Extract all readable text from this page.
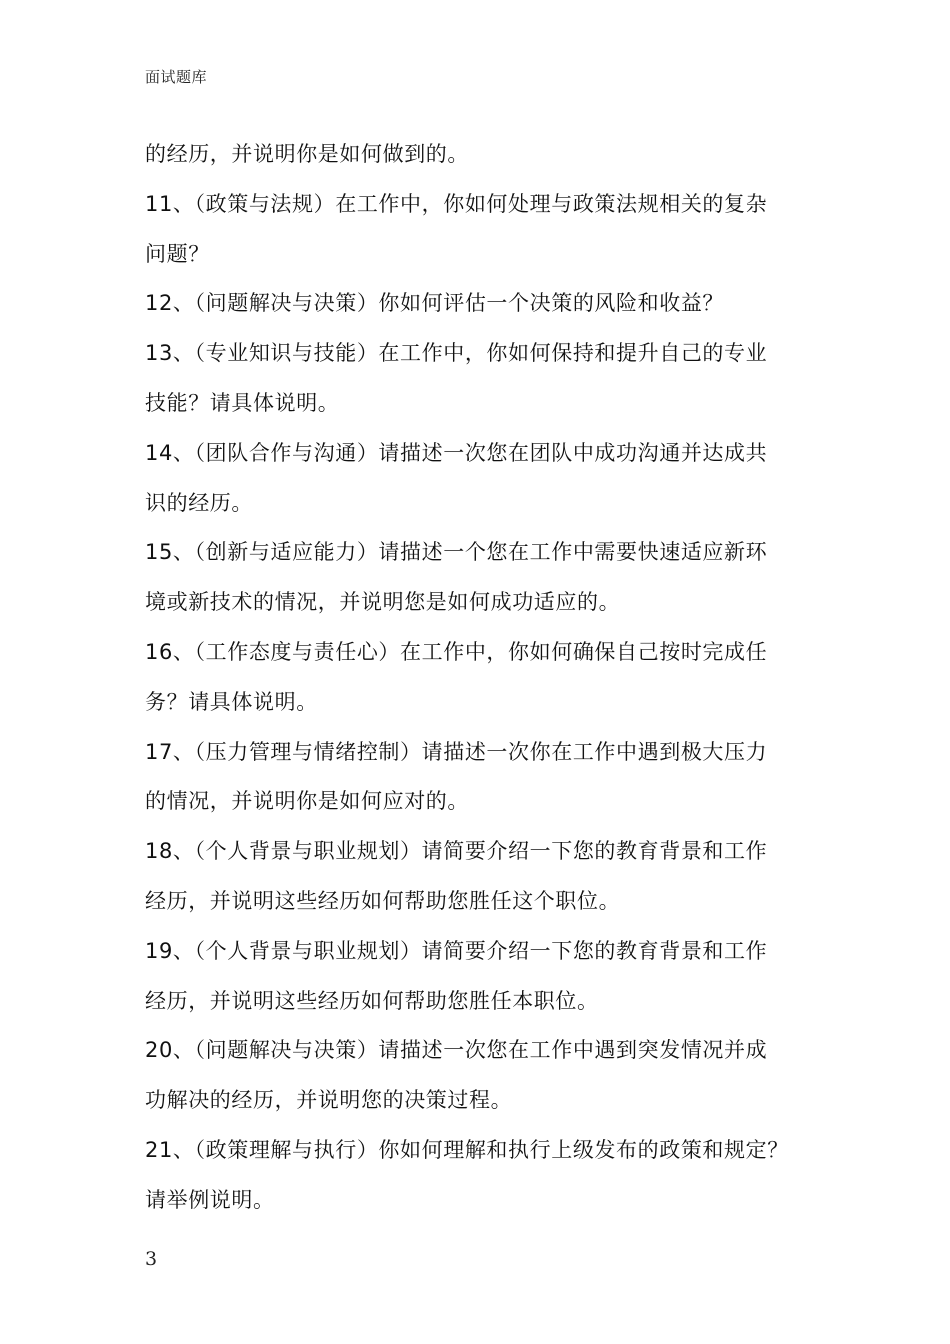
面试题库
的经历，并说明你是如何做到的。
11、（政策与法规）在工作中，你如何处理与政策法规相关的复杂
问题？
12、（问题解决与决策）你如何评估一个决策的风险和收益？
13、（专业知识与技能）在工作中，你如何保持和提升自己的专业
技能？请具体说明。
14、（团队合作与沟通）请描述一次您在团队中成功沟通并达成共
识的经历。
15、（创新与适应能力）请描述一个您在工作中需要快速适应新环
境或新技术的情况，并说明您是如何成功适应的。
16、（工作态度与责任心）在工作中，你如何确保自己按时完成任
务？请具体说明。
17、（压力管理与情绪控制）请描述一次你在工作中遇到极大压力
的情况，并说明你是如何应对的。
18、（个人背景与职业规划）请简要介绍一下您的教育背景和工作
经历，并说明这些经历如何帮助您胜任这个职位。
19、（个人背景与职业规划）请简要介绍一下您的教育背景和工作
经历，并说明这些经历如何帮助您胜任本职位。
20、（问题解决与决策）请描述一次您在工作中遇到突发情况并成
功解决的经历，并说明您的决策过程。
21、（政策理解与执行）你如何理解和执行上级发布的政策和规定？
请举例说明。
3
